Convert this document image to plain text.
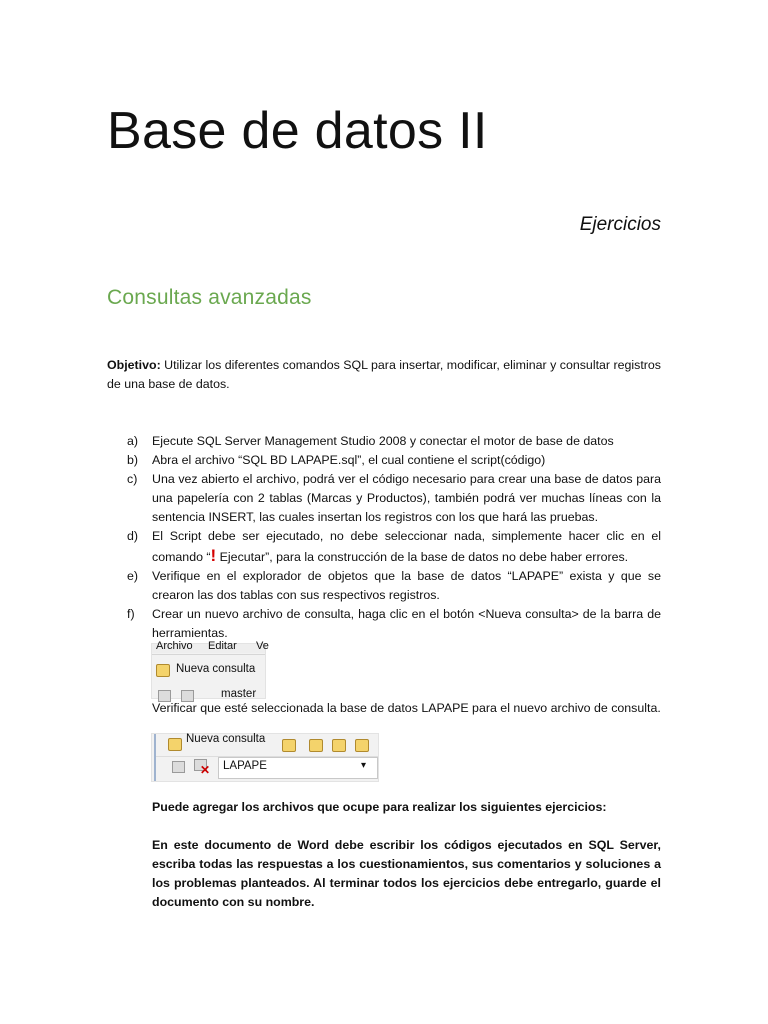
Base de datos II
Ejercicios
Consultas avanzadas
Objetivo: Utilizar los diferentes comandos SQL para insertar, modificar, eliminar y consultar registros de una base de datos.
a) Ejecute SQL Server Management Studio 2008 y conectar el motor de base de datos
b) Abra el archivo “SQL BD LAPAPE.sql”, el cual contiene el script(código)
c) Una vez abierto el archivo, podrá ver el código necesario para crear una base de datos para una papelería con 2 tablas (Marcas y Productos), también podrá ver muchas líneas con la sentencia INSERT, las cuales insertan los registros con los que hará las pruebas.
d) El Script debe ser ejecutado, no debe seleccionar nada, simplemente hacer clic en el comando “! Ejecutar”, para la construcción de la base de datos no debe haber errores.
e) Verifique en el explorador de objetos que la base de datos “LAPAPE” exista y que se crearon las dos tablas con sus respectivos registros.
f) Crear un nuevo archivo de consulta, haga clic en el botón <Nueva consulta> de la barra de herramientas.
Archivo Editar Ve
Nueva consulta
master
Verificar que esté seleccionada la base de datos LAPAPE para el nuevo archivo de consulta.
Nueva consulta
✕ LAPAPE	▾
Puede agregar los archivos que ocupe para realizar los siguientes ejercicios:
En este documento de Word debe escribir los códigos ejecutados en SQL Server, escriba todas las respuestas a los cuestionamientos, sus comentarios y soluciones a los problemas planteados. Al terminar todos los ejercicios debe entregarlo, guarde el documento con su nombre.
